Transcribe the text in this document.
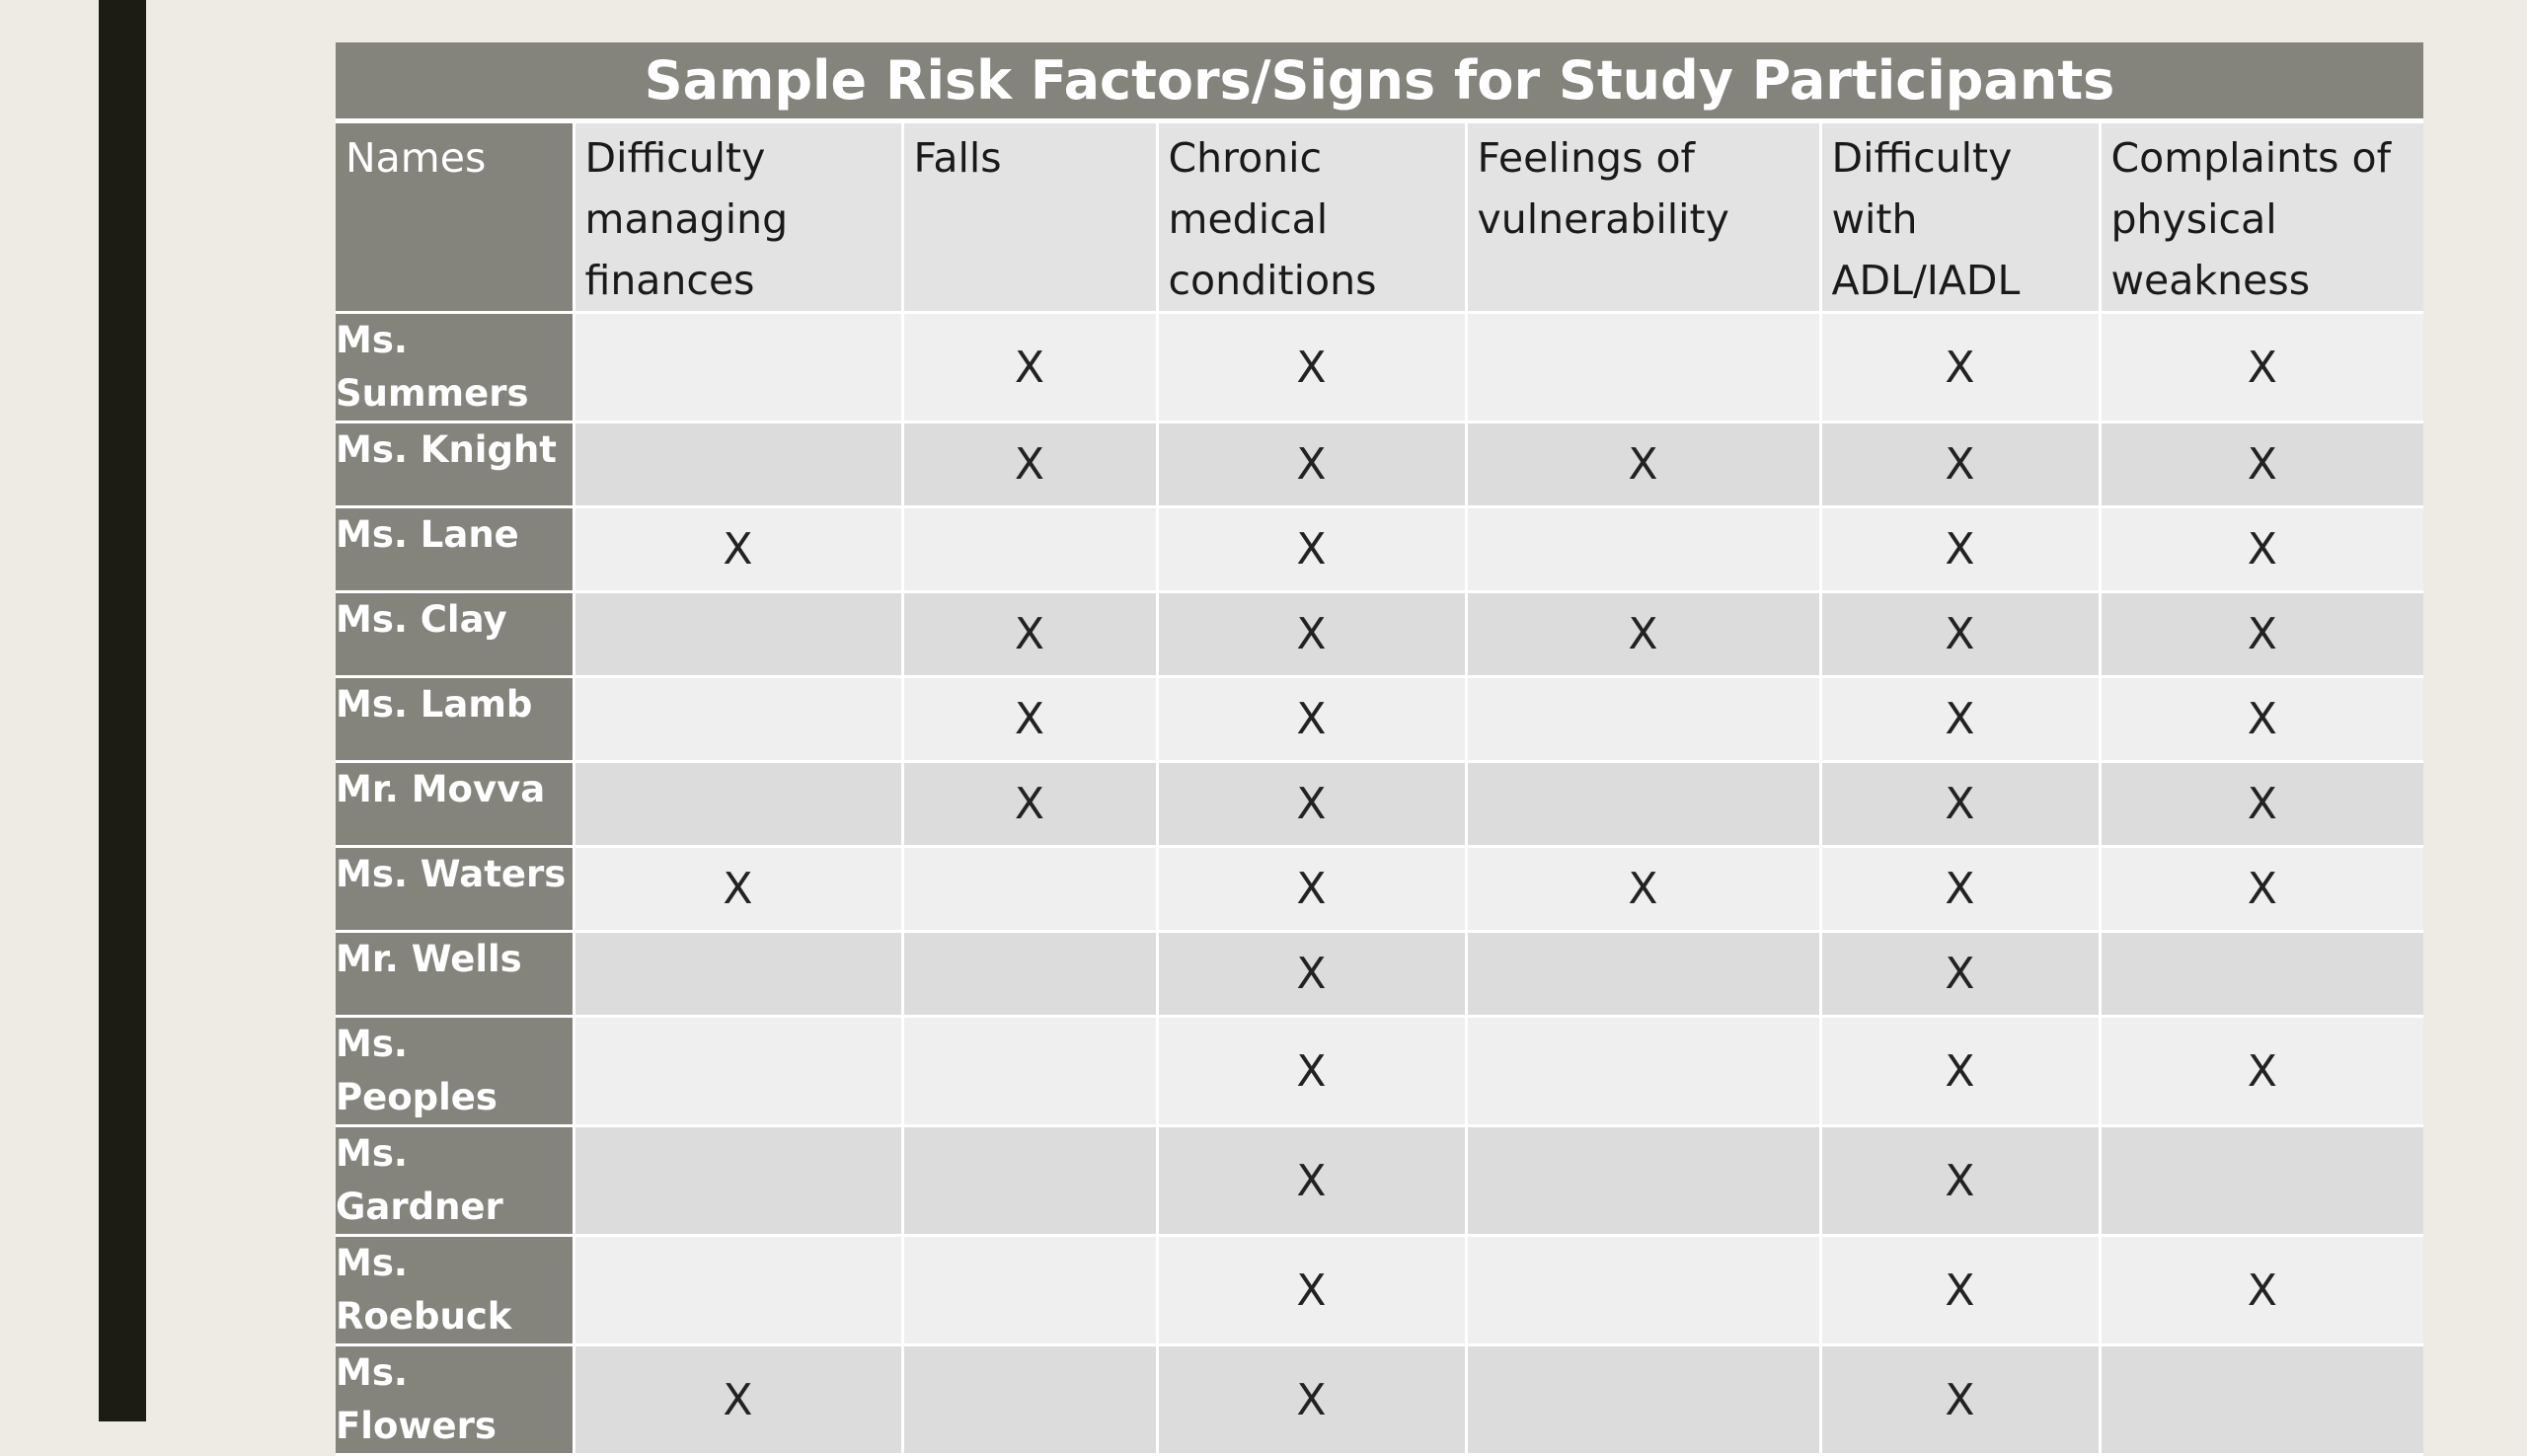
Sample Risk Factors/Signs for Study Participants						
Names	Difficulty managing finances	Falls	Chronic medical conditions	Feelings of vulnerability	Difficulty with ADL/IADL	Complaints of physical weakness
Ms. Summers		X	X		X	X
Ms. Knight		X	X	X	X	X
Ms. Lane	X		X		X	X
Ms. Clay		X	X	X	X	X
Ms. Lamb		X	X		X	X
Mr. Movva		X	X		X	X
Ms. Waters	X		X	X	X	X
Mr. Wells			X		X	
Ms. Peoples			X		X	X
Ms. Gardner			X		X	
Ms. Roebuck			X		X	X
Ms. Flowers	X		X		X	
